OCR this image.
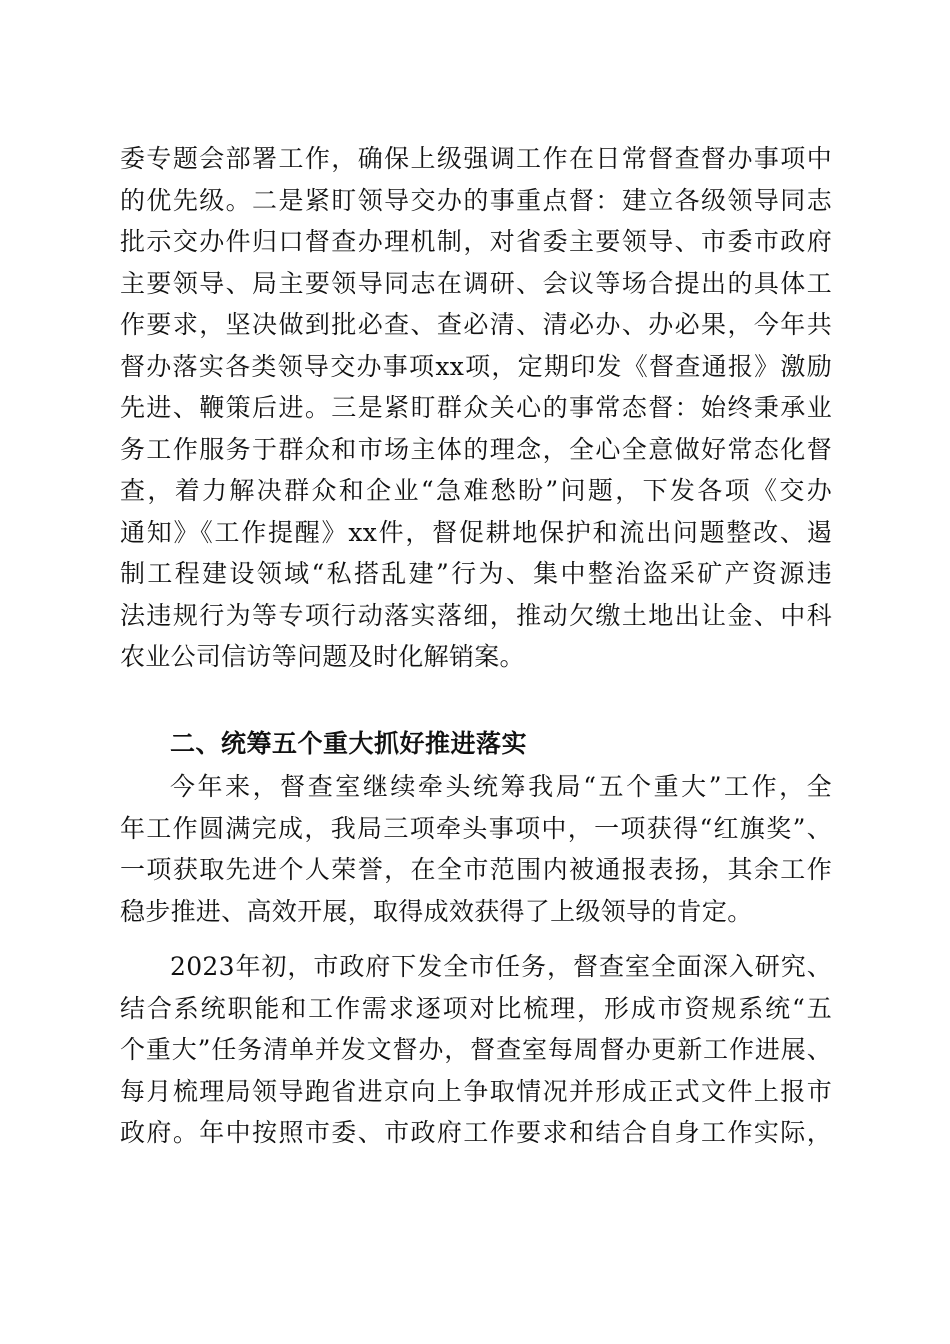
委专题会部署工作，确保上级强调工作在日常督查督办事项中
的优先级。二是紧盯领导交办的事重点督：建立各级领导同志
批示交办件归口督查办理机制，对省委主要领导、市委市政府
主要领导、局主要领导同志在调研、会议等场合提出的具体工
作要求，坚决做到批必查、查必清、清必办、办必果，今年共
督办落实各类领导交办事项xx项，定期印发《督查通报》激励
先进、鞭策后进。三是紧盯群众关心的事常态督：始终秉承业
务工作服务于群众和市场主体的理念，全心全意做好常态化督
查，着力解决群众和企业“急难愁盼”问题，下发各项《交办
通知》《工作提醒》xx件，督促耕地保护和流出问题整改、遏
制工程建设领域“私搭乱建”行为、集中整治盗采矿产资源违
法违规行为等专项行动落实落细，推动欠缴土地出让金、中科
农业公司信访等问题及时化解销案。
二、统筹五个重大抓好推进落实
今年来，督查室继续牵头统筹我局“五个重大”工作，全
年工作圆满完成，我局三项牵头事项中，一项获得“红旗奖”、
一项获取先进个人荣誉，在全市范围内被通报表扬，其余工作
稳步推进、高效开展，取得成效获得了上级领导的肯定。
2023年初，市政府下发全市任务，督查室全面深入研究、
结合系统职能和工作需求逐项对比梳理，形成市资规系统“五
个重大”任务清单并发文督办，督查室每周督办更新工作进展、
每月梳理局领导跑省进京向上争取情况并形成正式文件上报市
政府。年中按照市委、市政府工作要求和结合自身工作实际，
